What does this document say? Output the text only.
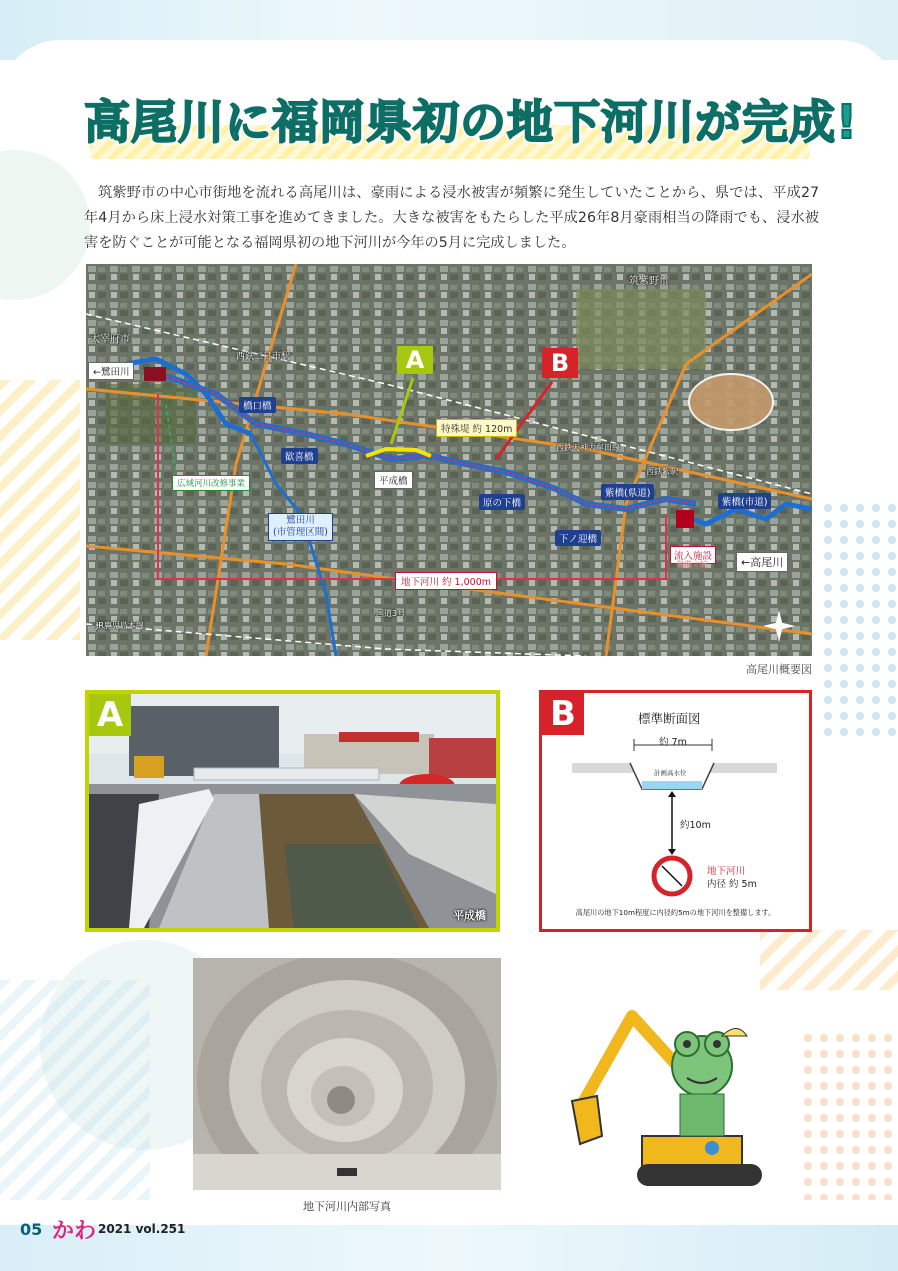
高尾川に福岡県初の地下河川が完成!
筑紫野市の中心市街地を流れる高尾川は、豪雨による浸水被害が頻繁に発生していたことから、県では、平成27年4月から床上浸水対策工事を進めてきました。大きな被害をもたらした平成26年8月豪雨相当の降雨でも、浸水被害を防ぐことが可能となる福岡県初の地下河川が今年の5月に完成しました。
筑紫野市
太宰府市
西鉄二日市駅
←鷺田川
橋口橋
歓喜橋
平成橋
特殊堤 約 120m
原の下橋
下ノ迎橋
紫橋(県道)
紫橋(市道)
広域河川改修事業
鷺田川
(市管理区間)
地下河川 約 1,000m
流入施設
発進立坑	←高尾川
西鉄天神大牟田線
西鉄紫駅
JR鹿児島本線
国道3号
A	B
高尾川概要図
A
平成橋
B	標準断面図
約 7m
計画高水位
約10m
地下河川
内径 約 5m
高尾川の地下10m程度に内径約5mの地下河川を整備します。
地下河川内部写真
05 かわ 2021 vol.251
